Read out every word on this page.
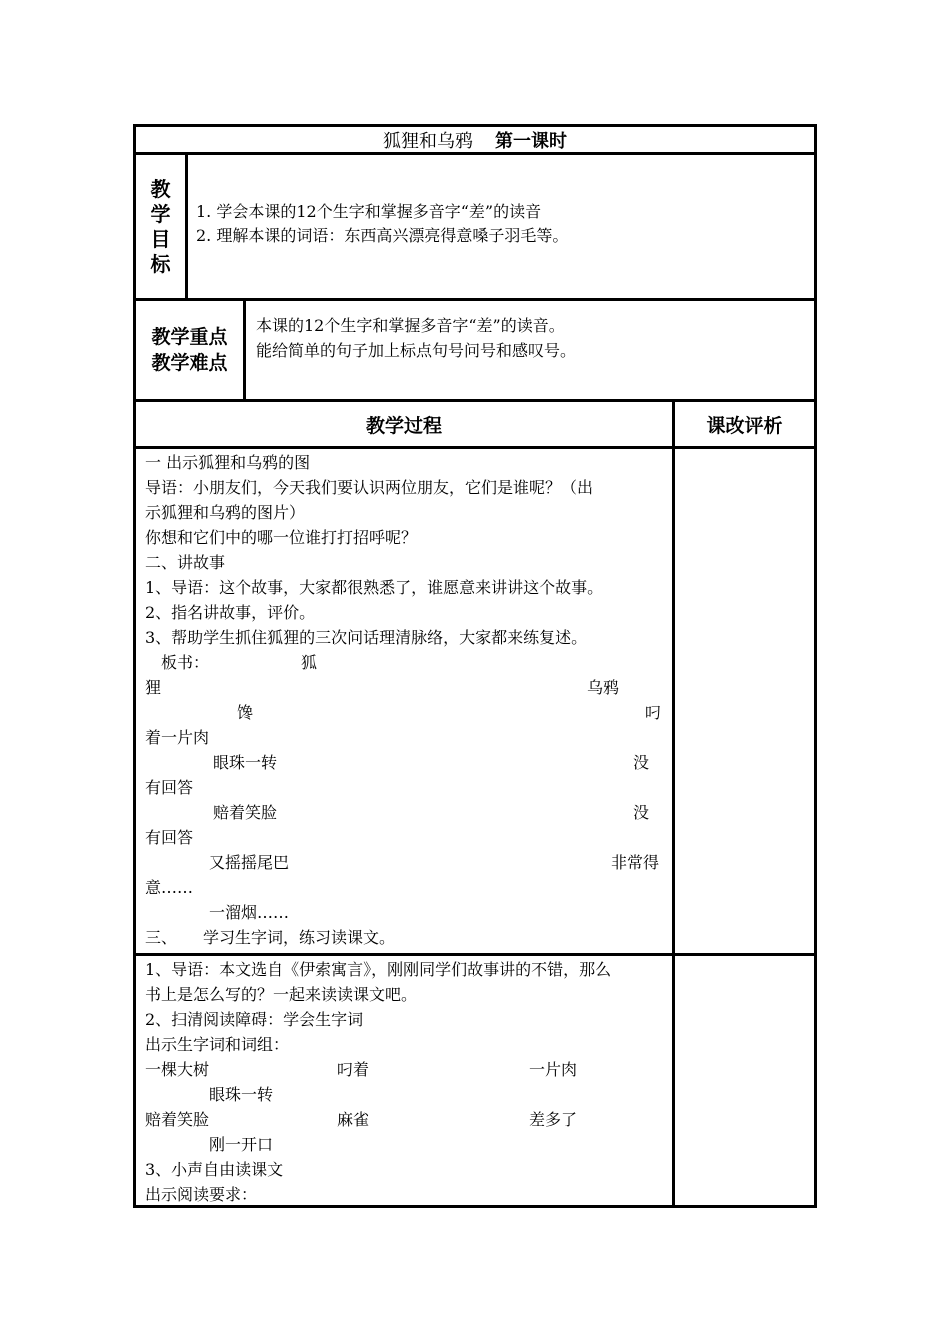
狐狸和乌鸦 第一课时
教
学
目
标
1. 学会本课的12个生字和掌握多音字“差”的读音
2. 理解本课的词语：东西高兴漂亮得意嗓子羽毛等。
教学重点
教学难点
本课的12个生字和掌握多音字“差”的读音。
能给简单的句子加上标点句号问号和感叹号。
教学过程	课改评析
一 出示狐狸和乌鸦的图
导语：小朋友们，今天我们要认识两位朋友，它们是谁呢？（出
示狐狸和乌鸦的图片）
你想和它们中的哪一位谁打打招呼呢？
二、讲故事
1、导语：这个故事，大家都很熟悉了，谁愿意来讲讲这个故事。
2、指名讲故事，评价。
3、帮助学生抓住狐狸的三次问话理清脉络，大家都来练复述。
板书：	狐
狸	乌鸦
馋	叼
着一片肉
眼珠一转	没
有回答
赔着笑脸	没
有回答
又摇摇尾巴	非常得
意……
一溜烟……
三、 学习生字词，练习读课文。
1、导语：本文选自《伊索寓言》，刚刚同学们故事讲的不错，那么
书上是怎么写的？一起来读读课文吧。
2、扫清阅读障碍：学会生字词
出示生字词和词组：
一棵大树	叼着	一片肉
眼珠一转
赔着笑脸	麻雀	差多了
刚一开口
3、小声自由读课文
出示阅读要求：
